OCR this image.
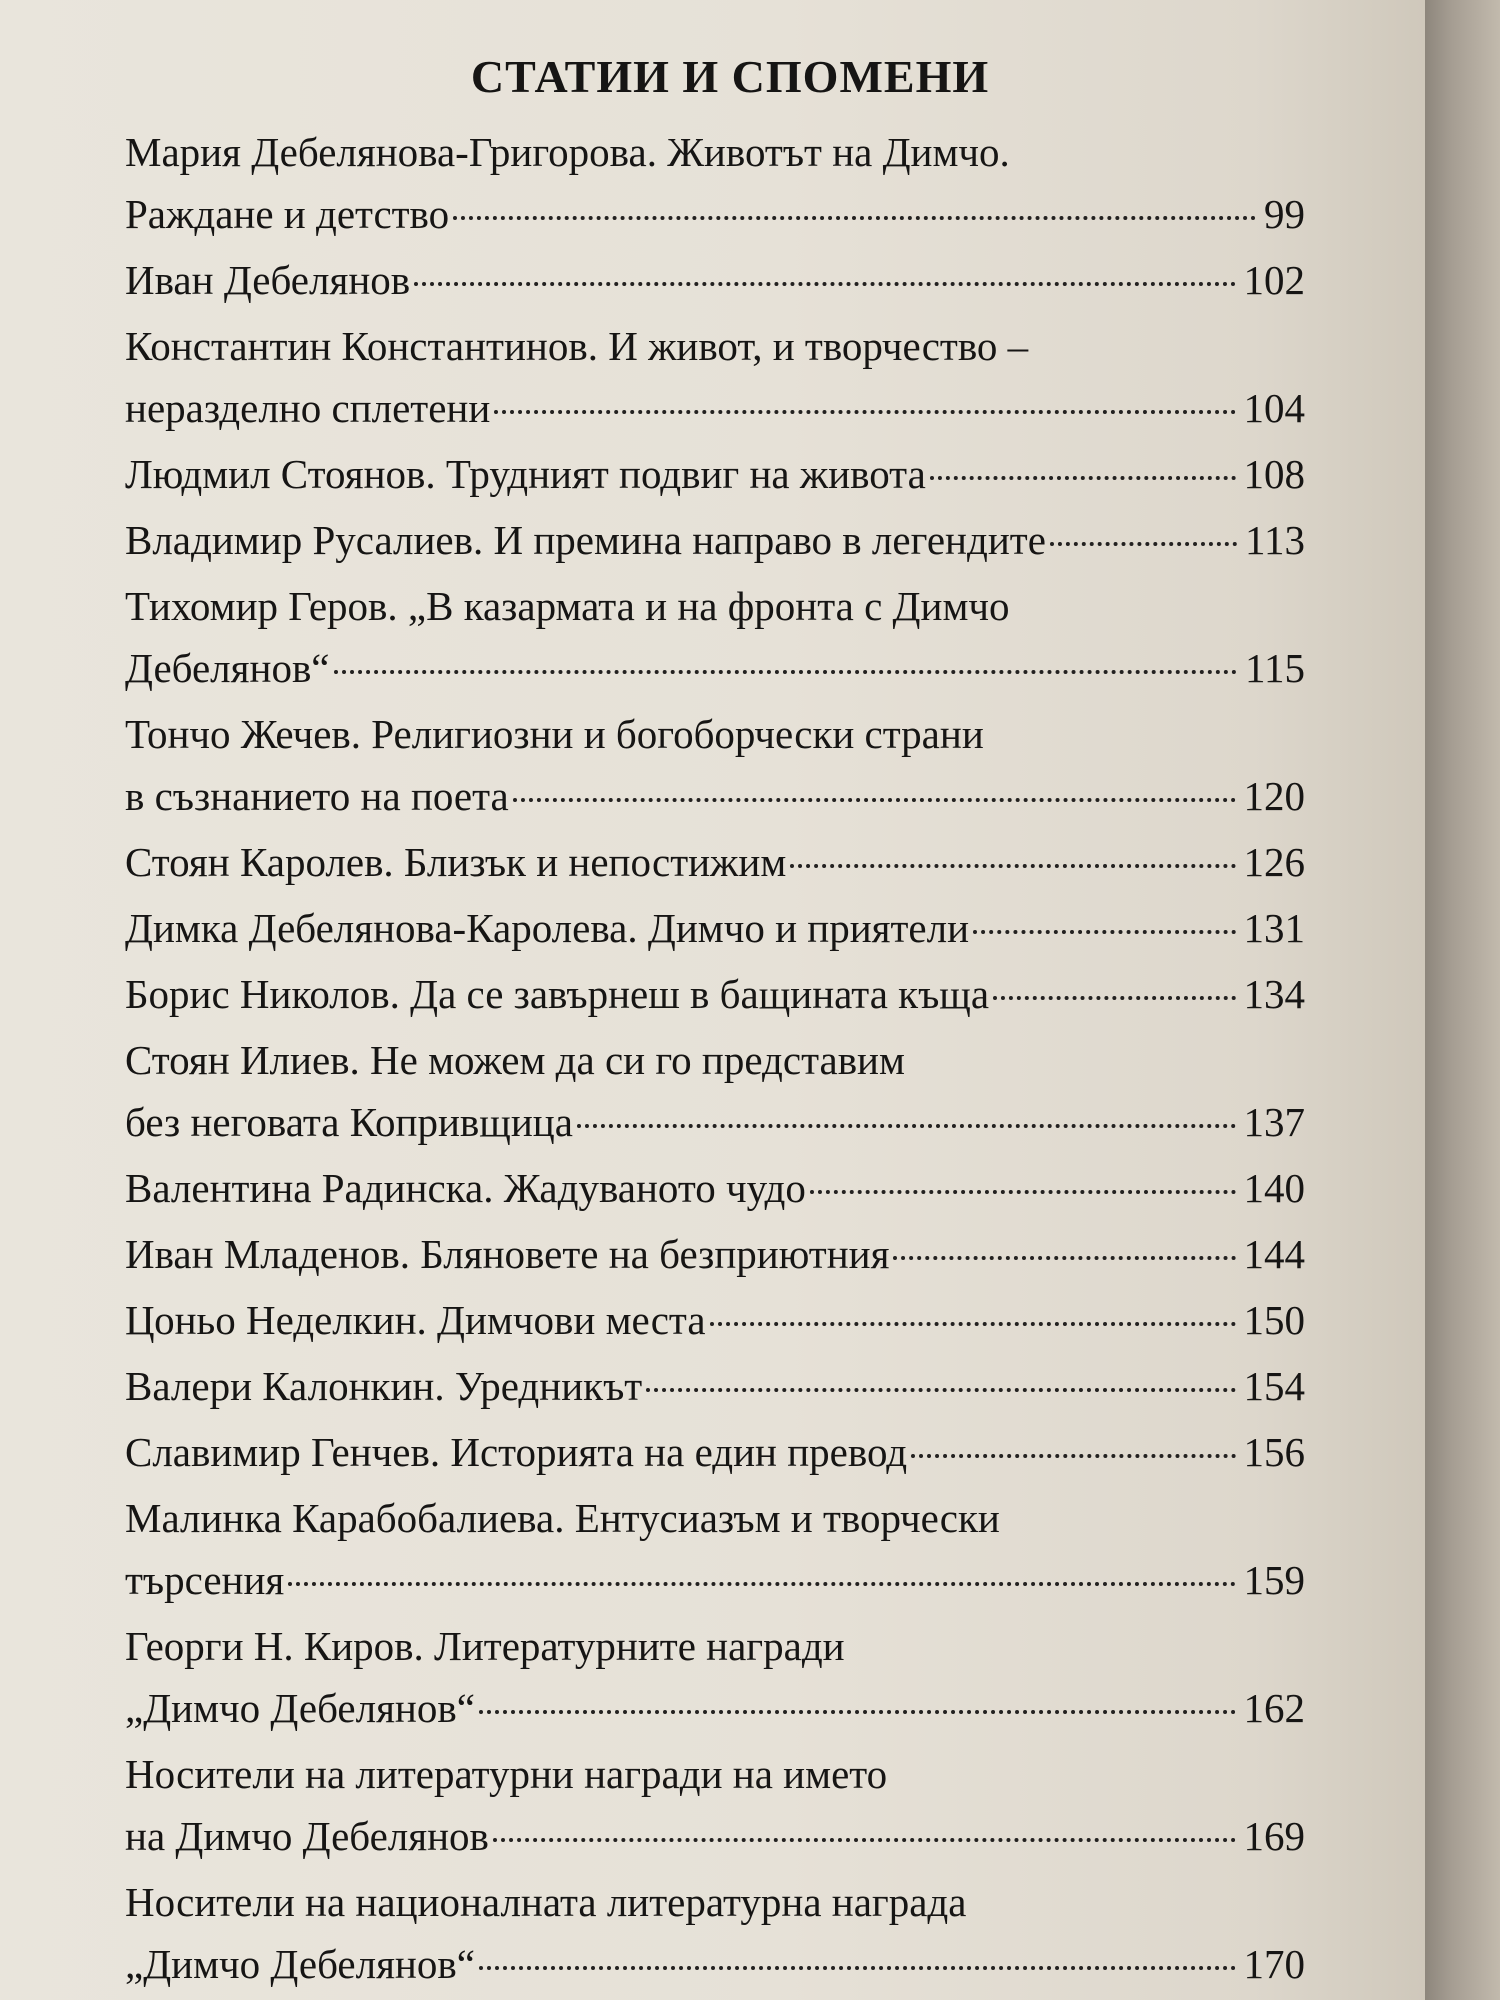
СТАТИИ И СПОМЕНИ
Мария Дебелянова-Григорова. Животът на Димчо.
Раждане и детство	99
Иван Дебелянов	102
Константин Константинов. И живот, и творчество –
неразделно сплетени	104
Людмил Стоянов. Трудният подвиг на живота	108
Владимир Русалиев. И премина направо в легендите	113
Тихомир Геров. „В казармата и на фронта с Димчо
Дебелянов“	115
Тончо Жечев. Религиозни и богоборчески страни
в съзнанието на поета	120
Стоян Каролев. Близък и непостижим	126
Димка Дебелянова-Каролева. Димчо и приятели	131
Борис Николов. Да се завърнеш в бащината къща	134
Стоян Илиев. Не можем да си го представим
без неговата Копривщица	137
Валентина Радинска. Жадуваното чудо	140
Иван Младенов. Бляновете на безприютния	144
Цоньо Неделкин. Димчови места	150
Валери Калонкин. Уредникът	154
Славимир Генчев. Историята на един превод	156
Малинка Карабобалиева. Ентусиазъм и творчески
търсения	159
Георги Н. Киров. Литературните награди
„Димчо Дебелянов“	162
Носители на литературни награди на името
на Димчо Дебелянов	169
Носители на националната литературна награда
„Димчо Дебелянов“	170
